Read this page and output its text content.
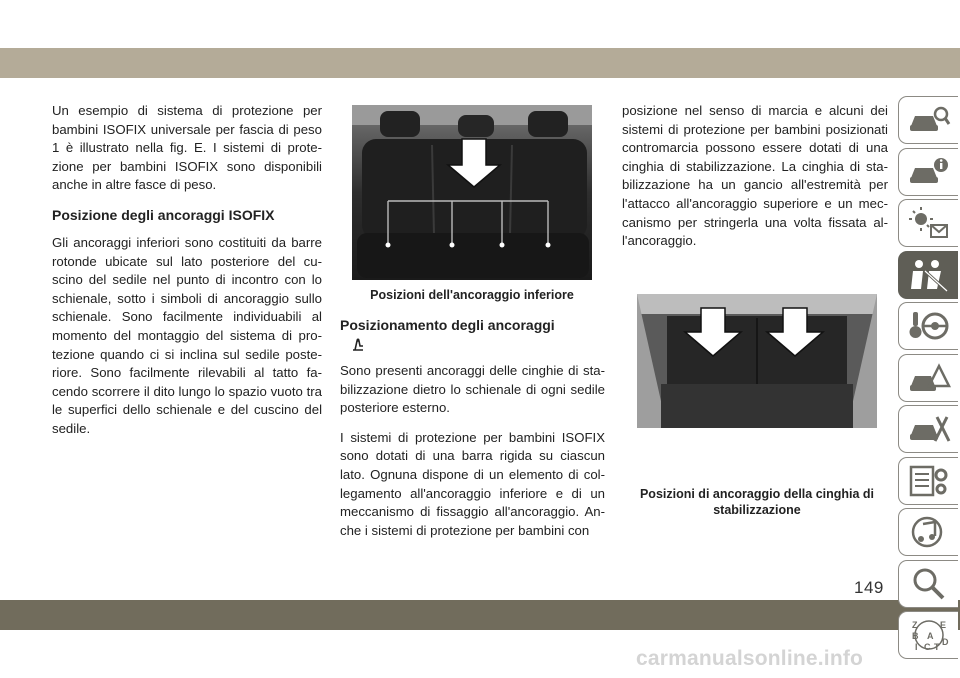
Un esempio di sistema di protezione per bambini ISOFIX universale per fascia di peso 1 è illustrato nella fig. E. I sistemi di prote-zione per bambini ISOFIX sono disponibili anche in altre fasce di peso.

Posizione degli ancoraggi ISOFIX

Gli ancoraggi inferiori sono costituiti da barre rotonde ubicate sul lato posteriore del cu-scino del sedile nel punto di incontro con lo schienale, sotto i simboli di ancoraggio sullo schienale. Sono facilmente individuabili al momento del montaggio del sistema di pro-tezione quando ci si inclina sul sedile poste-riore. Sono facilmente rilevabili al tatto fa-cendo scorrere il dito lungo lo spazio vuoto tra le superfici dello schienale e del cuscino del sedile.

Posizioni dell'ancoraggio inferiore
Posizionamento degli ancoraggi

Sono presenti ancoraggi delle cinghie di sta-bilizzazione dietro lo schienale di ogni sedile posteriore esterno.

I sistemi di protezione per bambini ISOFIX sono dotati di una barra rigida su ciascun lato. Ognuna dispone di un elemento di col-legamento all'ancoraggio inferiore e di un meccanismo di fissaggio all'ancoraggio. An-che i sistemi di protezione per bambini con

posizione nel senso di marcia e alcuni dei sistemi di protezione per bambini posizionati contromarcia possono essere dotati di una cinghia di stabilizzazione. La cinghia di sta-bilizzazione ha un gancio all'estremità per l'attacco all'ancoraggio superiore e un mec-canismo per stringerla una volta fissata al-l'ancoraggio.

Posizioni di ancoraggio della cinghia di stabilizzazione
Z	E
B A
I C T D
149
carmanualsonline.info
